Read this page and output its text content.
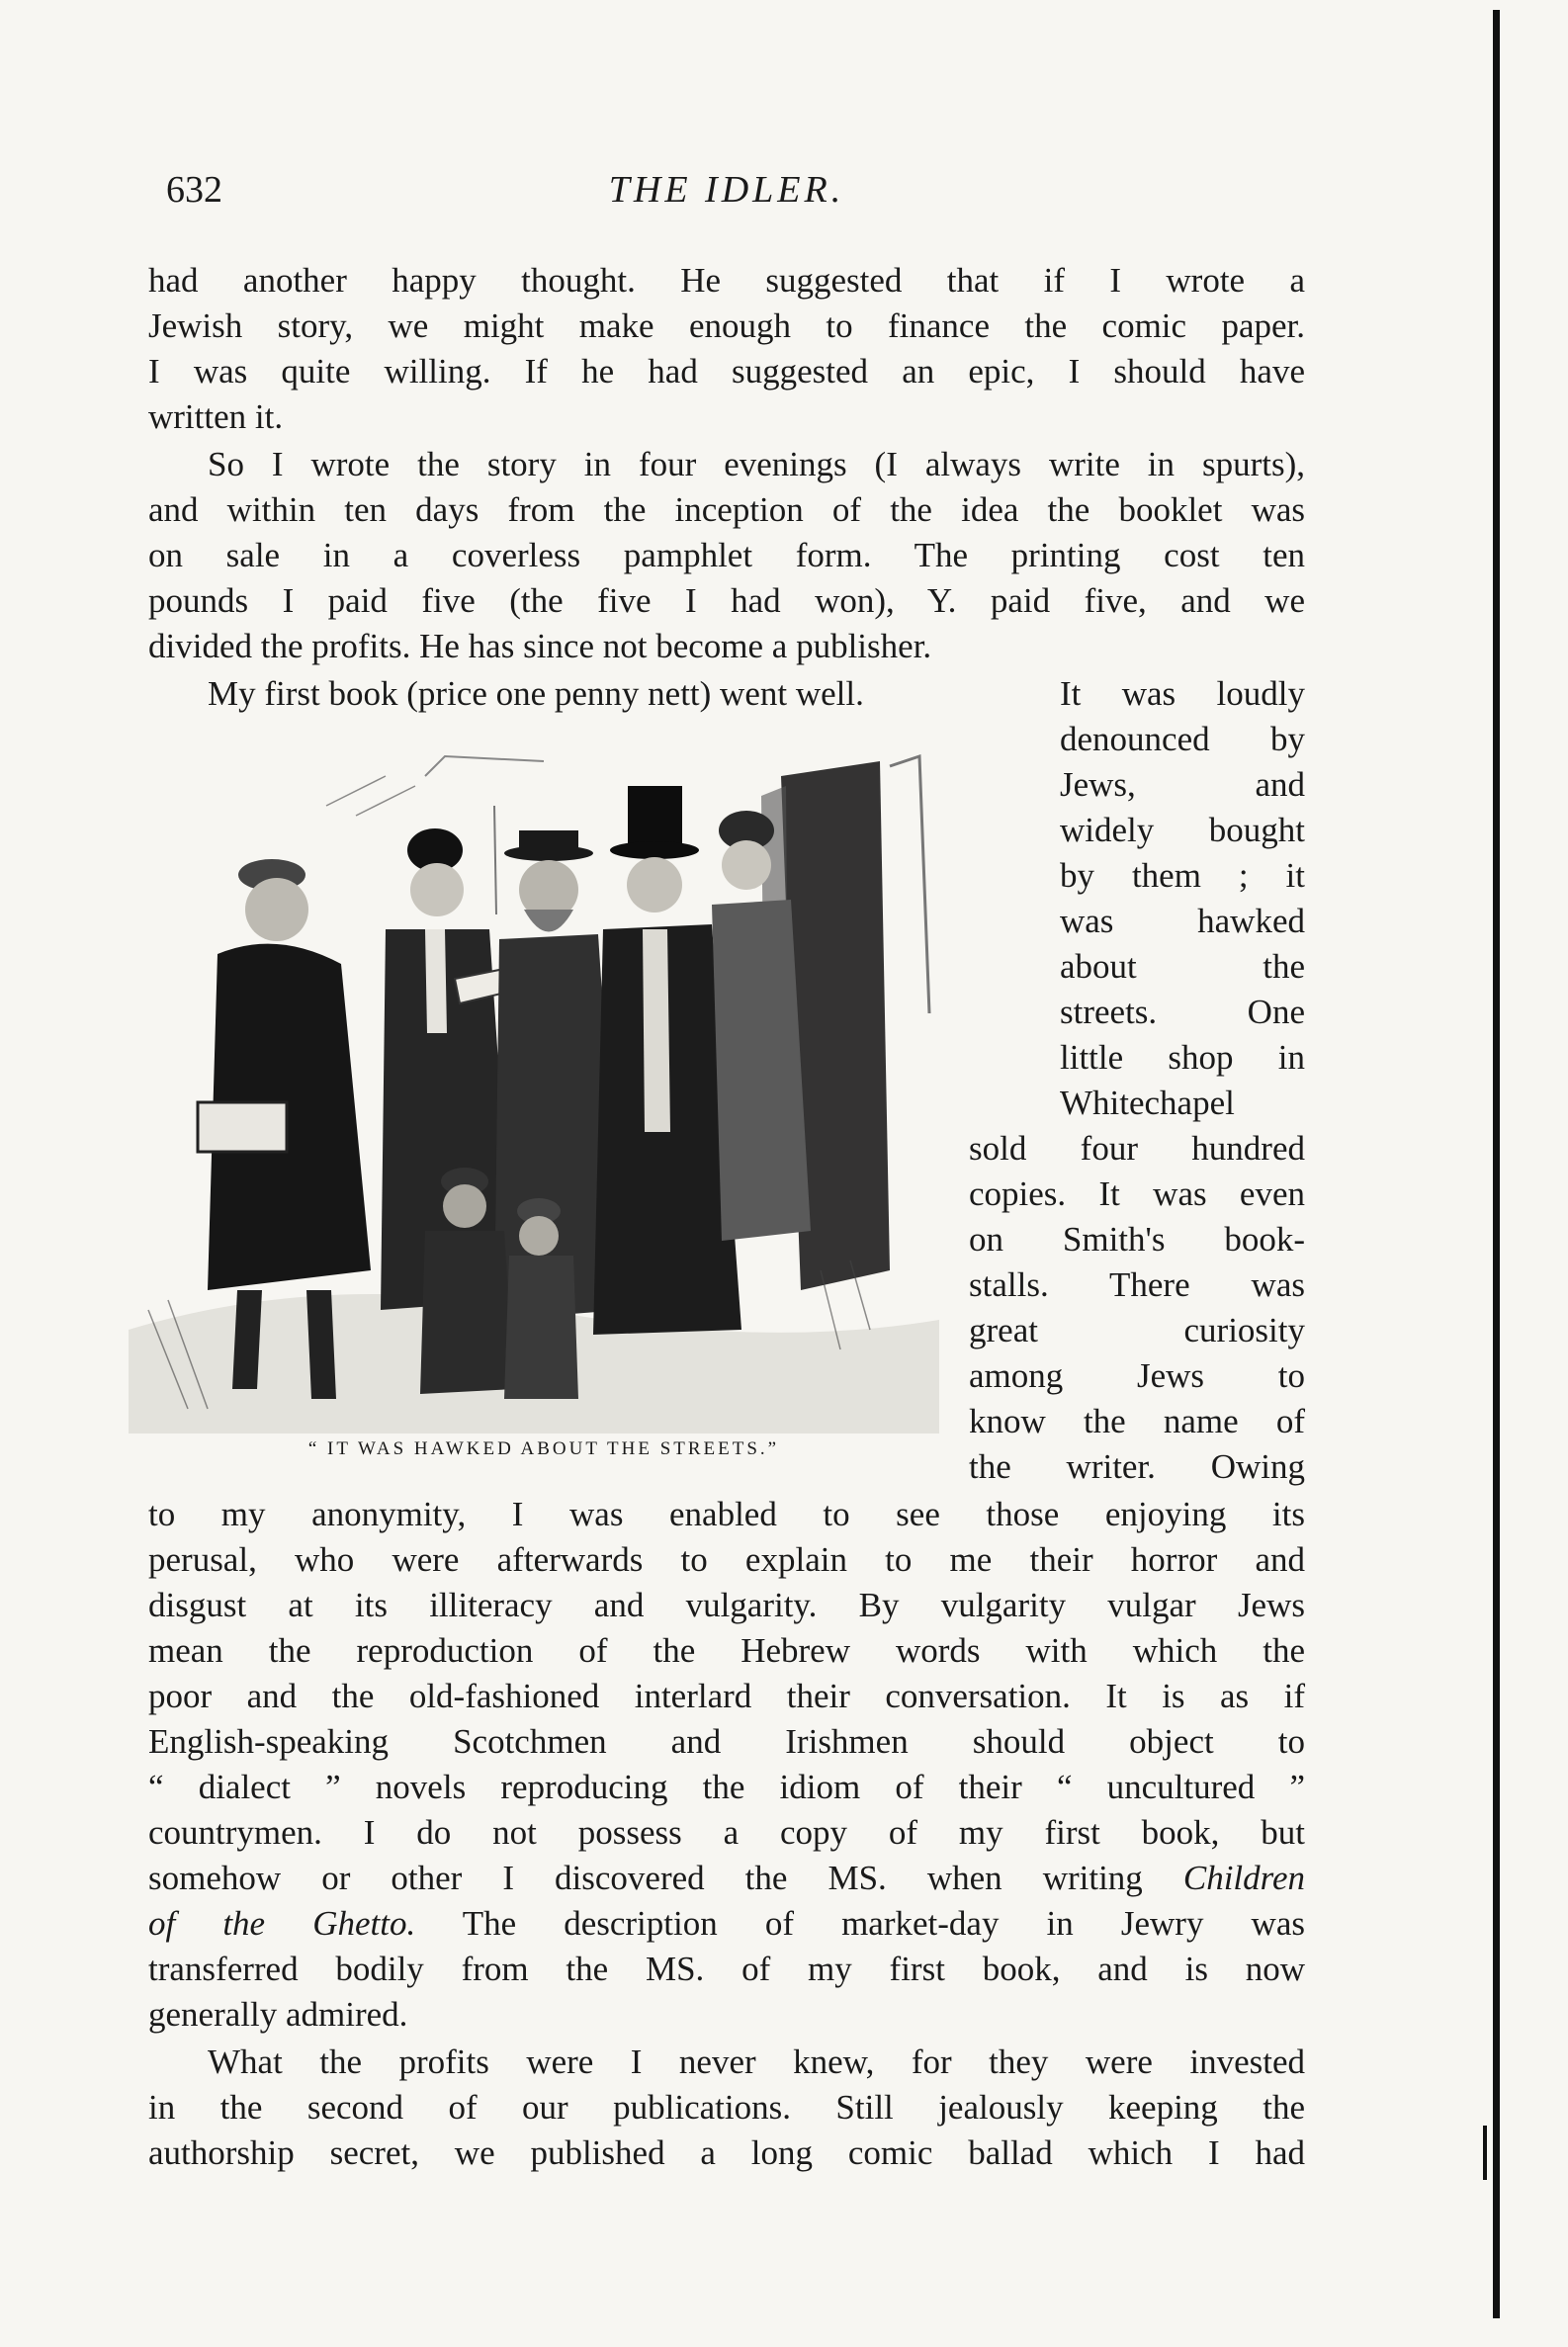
632	THE IDLER.
had another happy thought. He suggested that if I wrote a
Jewish story, we might make enough to finance the comic paper.
I was quite willing. If he had suggested an epic, I should have
written it.
So I wrote the story in four evenings (I always write in spurts),
and within ten days from the inception of the idea the booklet was
on sale in a coverless pamphlet form. The printing cost ten
pounds I paid five (the five I had won), Y. paid five, and we
divided the profits. He has since not become a publisher.
My first book (price one penny nett) went well.	It was loudly
denounced by
Jews, and
widely bought
by them ; it
was hawked
about the
streets. One
little shop in
Whitechapel
sold four hundred
copies. It was even
on Smith's book-
stalls. There was
great curiosity
among Jews to
know the name of
the writer. Owing
“ IT WAS HAWKED ABOUT THE STREETS.”
to my anonymity, I was enabled to see those enjoying its
perusal, who were afterwards to explain to me their horror and
disgust at its illiteracy and vulgarity. By vulgarity vulgar Jews
mean the reproduction of the Hebrew words with which the
poor and the old-fashioned interlard their conversation. It is as if
English-speaking Scotchmen and Irishmen should object to
“ dialect ” novels reproducing the idiom of their “ uncultured ”
countrymen. I do not possess a copy of my first book, but
somehow or other I discovered the MS. when writing Children
of the Ghetto. The description of market-day in Jewry was
transferred bodily from the MS. of my first book, and is now
generally admired.
What the profits were I never knew, for they were invested
in the second of our publications. Still jealously keeping the
authorship secret, we published a long comic ballad which I had
